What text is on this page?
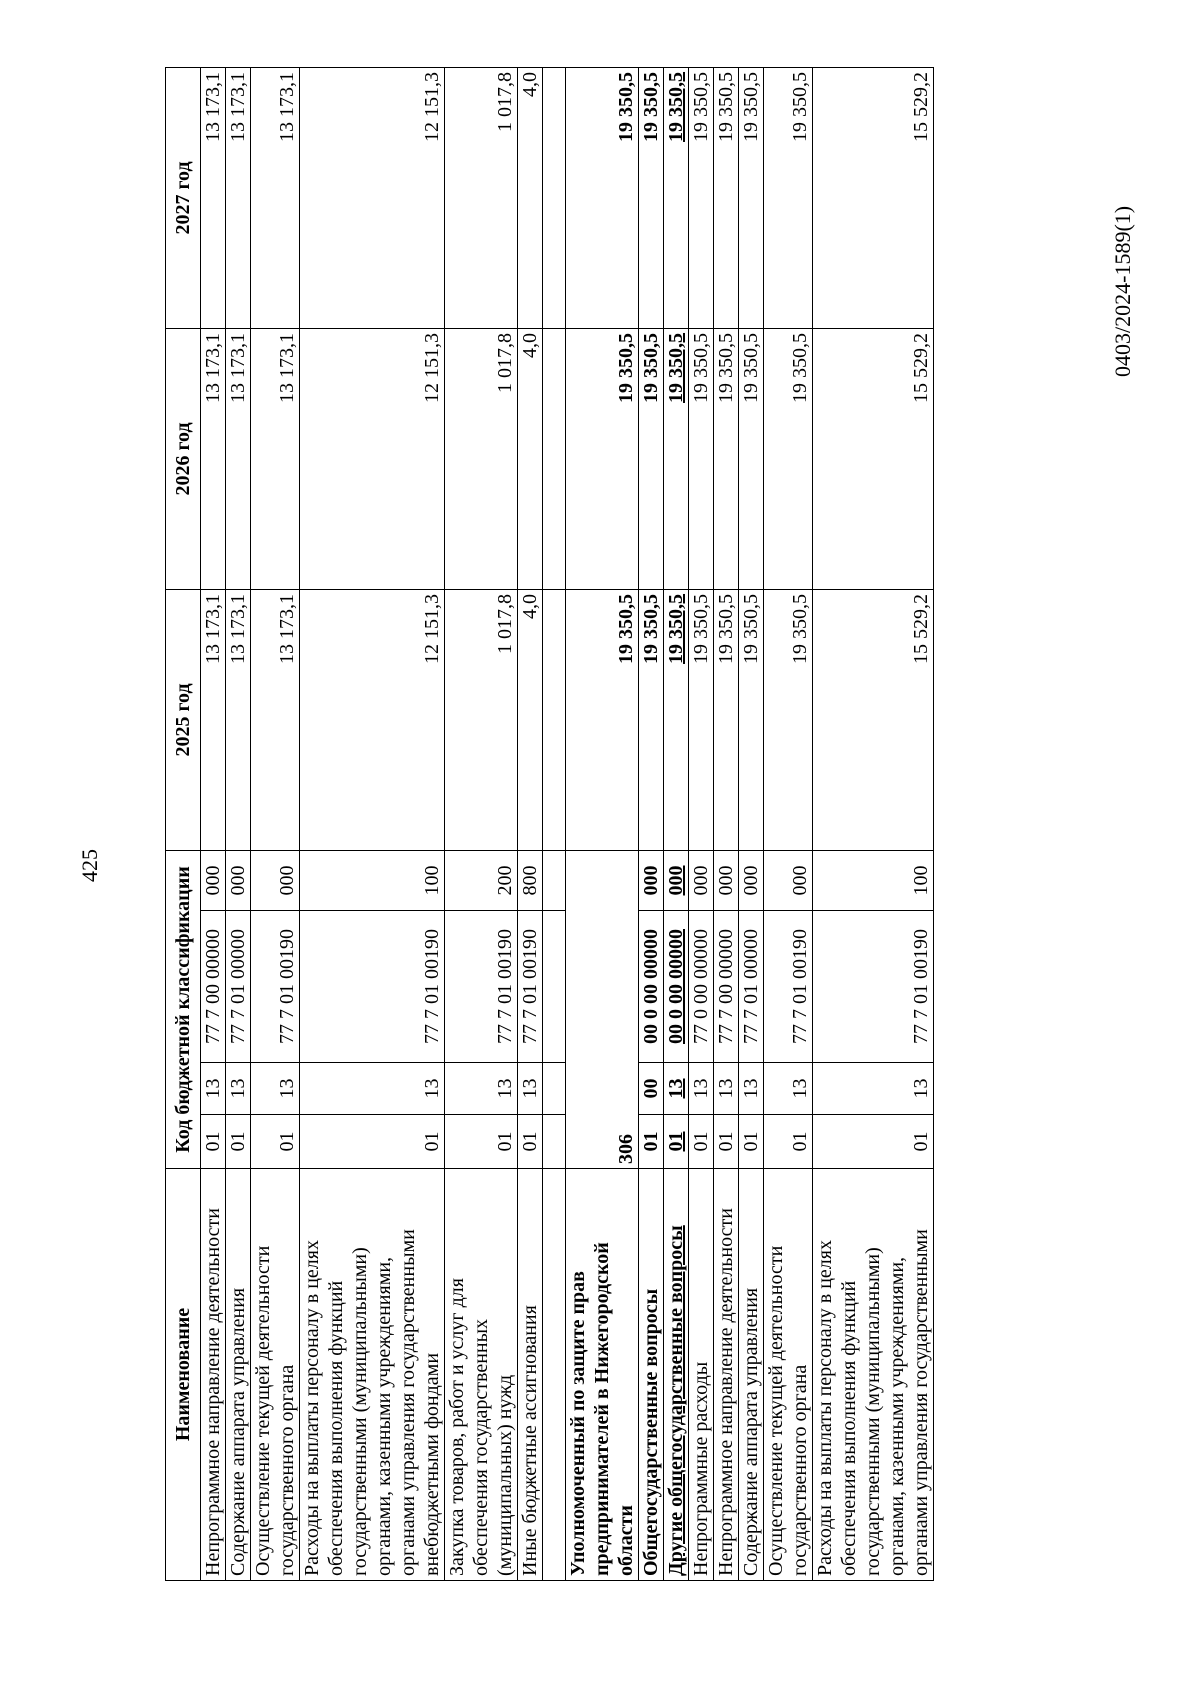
425
Наименование	Код бюджетной классификации				2025 год	2026 год	2027 год
Непрограммное направление деятельности	01	13	77 7 00 00000	000	13 173,1	13 173,1	13 173,1
Содержание аппарата управления	01	13	77 7 01 00000	000	13 173,1	13 173,1	13 173,1
Осуществление текущей деятельности государственного органа	01	13	77 7 01 00190	000	13 173,1	13 173,1	13 173,1
Расходы на выплаты персоналу в целях обеспечения выполнения функций государственными (муниципальными) органами, казенными учреждениями, органами управления государственными внебюджетными фондами	01	13	77 7 01 00190	100	12 151,3	12 151,3	12 151,3
Закупка товаров, работ и услуг для обеспечения государственных (муниципальных) нужд	01	13	77 7 01 00190	200	1 017,8	1 017,8	1 017,8
Иные бюджетные ассигнования	01	13	77 7 01 00190	800	4,0	4,0	4,0

Уполномоченный по защите прав предпринимателей в Нижегородской области	306				19 350,5	19 350,5	19 350,5
Общегосударственные вопросы	01	00	00 0 00 00000	000	19 350,5	19 350,5	19 350,5
Другие общегосударственные вопросы	01	13	00 0 00 00000	000	19 350,5	19 350,5	19 350,5
Непрограммные расходы	01	13	77 0 00 00000	000	19 350,5	19 350,5	19 350,5
Непрограммное направление деятельности	01	13	77 7 00 00000	000	19 350,5	19 350,5	19 350,5
Содержание аппарата управления	01	13	77 7 01 00000	000	19 350,5	19 350,5	19 350,5
Осуществление текущей деятельности государственного органа	01	13	77 7 01 00190	000	19 350,5	19 350,5	19 350,5
Расходы на выплаты персоналу в целях обеспечения выполнения функций государственными (муниципальными) органами, казенными учреждениями, органами управления государственными	01	13	77 7 01 00190	100	15 529,2	15 529,2	15 529,2
0403/2024-1589(1)
